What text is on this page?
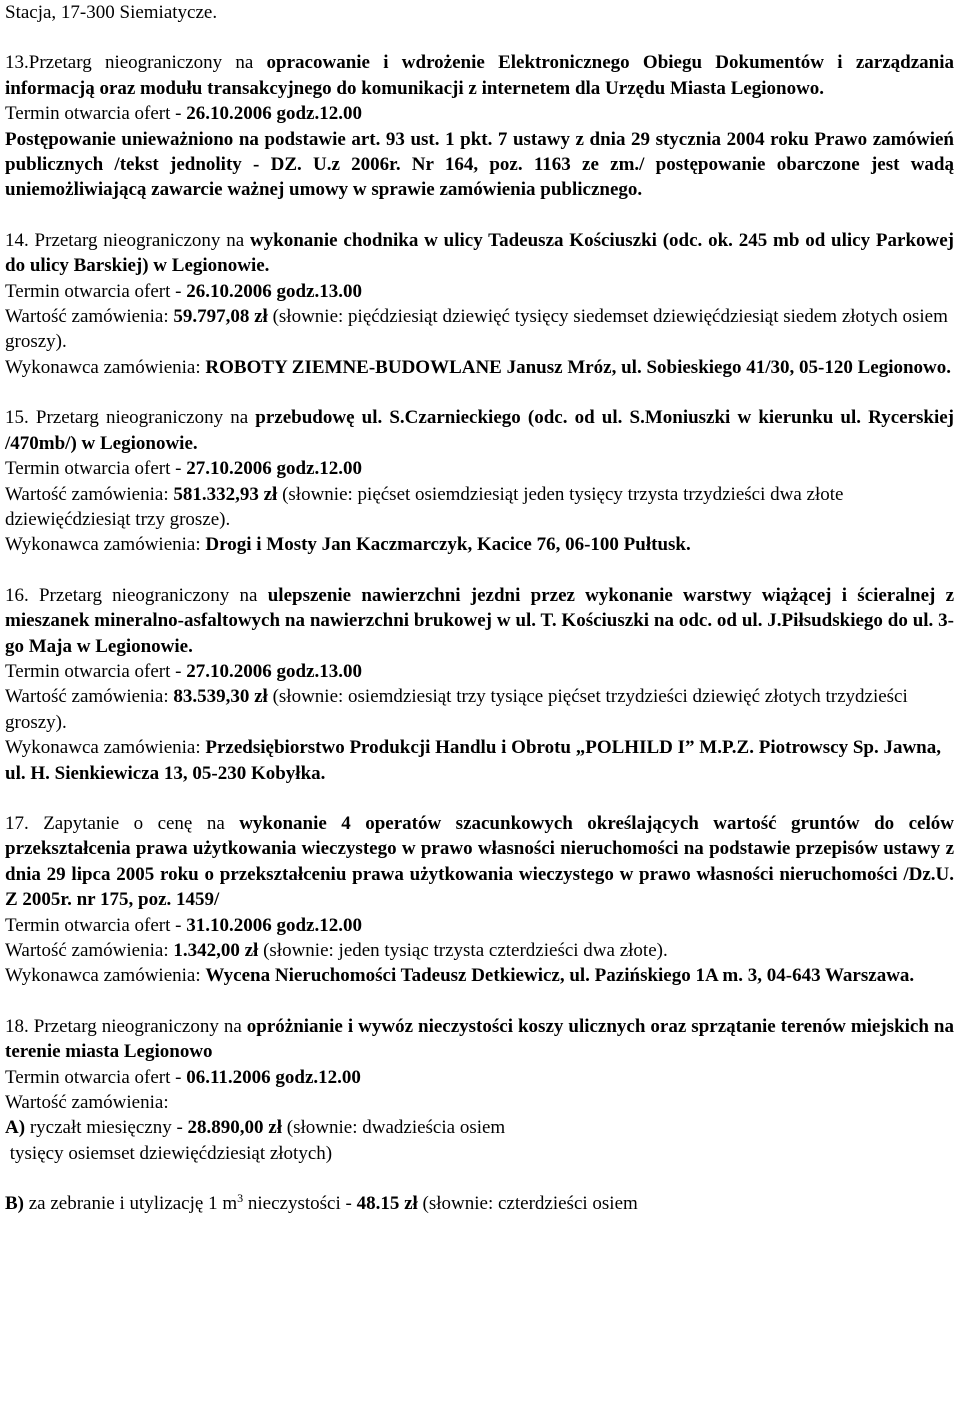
Stacja, 17-300 Siemiatycze.

13.Przetarg nieograniczony na opracowanie i wdrożenie Elektronicznego Obiegu Dokumentów i zarządzania informacją oraz modułu transakcyjnego do komunikacji z internetem dla Urzędu Miasta Legionowo.

Termin otwarcia ofert - 26.10.2006 godz.12.00

Postępowanie unieważniono na podstawie art. 93 ust. 1 pkt. 7 ustawy z dnia 29 stycznia 2004 roku Prawo zamówień publicznych /tekst jednolity - DZ. U.z 2006r. Nr 164, poz. 1163 ze zm./ postępowanie obarczone jest wadą uniemożliwiającą zawarcie ważnej umowy w sprawie zamówienia publicznego.

14. Przetarg nieograniczony na wykonanie chodnika w ulicy Tadeusza Kościuszki (odc. ok. 245 mb od ulicy Parkowej do ulicy Barskiej) w Legionowie.

Termin otwarcia ofert - 26.10.2006 godz.13.00

Wartość zamówienia: 59.797,08 zł (słownie: pięćdziesiąt dziewięć tysięcy siedemset dziewięćdziesiąt siedem złotych osiem groszy).

Wykonawca zamówienia: ROBOTY ZIEMNE-BUDOWLANE Janusz Mróz, ul. Sobieskiego 41/30, 05-120 Legionowo.

15. Przetarg nieograniczony na przebudowę ul. S.Czarnieckiego (odc. od ul. S.Moniuszki w kierunku ul. Rycerskiej /470mb/) w Legionowie.

Termin otwarcia ofert - 27.10.2006 godz.12.00

Wartość zamówienia: 581.332,93 zł (słownie: pięćset osiemdziesiąt jeden tysięcy trzysta trzydzieści dwa złote dziewięćdziesiąt trzy grosze).

Wykonawca zamówienia: Drogi i Mosty Jan Kaczmarczyk, Kacice 76, 06-100 Pułtusk.

16. Przetarg nieograniczony na ulepszenie nawierzchni jezdni przez wykonanie warstwy wiążącej i ścieralnej z mieszanek mineralno-asfaltowych na nawierzchni brukowej w ul. T. Kościuszki na odc. od ul. J.Piłsudskiego do ul. 3-go Maja w Legionowie.

Termin otwarcia ofert - 27.10.2006 godz.13.00

Wartość zamówienia: 83.539,30 zł (słownie: osiemdziesiąt trzy tysiące pięćset trzydzieści dziewięć złotych trzydzieści groszy).

Wykonawca zamówienia: Przedsiębiorstwo Produkcji Handlu i Obrotu „POLHILD I” M.P.Z. Piotrowscy Sp. Jawna, ul. H. Sienkiewicza 13, 05-230 Kobyłka.

17. Zapytanie o cenę na wykonanie 4 operatów szacunkowych określających wartość gruntów do celów przekształcenia prawa użytkowania wieczystego w prawo własności nieruchomości na podstawie przepisów ustawy z dnia 29 lipca 2005 roku o przekształceniu prawa użytkowania wieczystego w prawo własności nieruchomości /Dz.U. Z 2005r. nr 175, poz. 1459/

Termin otwarcia ofert - 31.10.2006 godz.12.00

Wartość zamówienia: 1.342,00 zł (słownie: jeden tysiąc trzysta czterdzieści dwa złote).

Wykonawca zamówienia: Wycena Nieruchomości Tadeusz Detkiewicz, ul. Pazińskiego 1A m. 3, 04-643 Warszawa.

18. Przetarg nieograniczony na opróżnianie i wywóz nieczystości koszy ulicznych oraz sprzątanie terenów miejskich na terenie miasta Legionowo

Termin otwarcia ofert - 06.11.2006 godz.12.00

Wartość zamówienia:

A) ryczałt miesięczny - 28.890,00 zł (słownie: dwadzieścia osiem

tysięcy osiemset dziewięćdziesiąt złotych)

B) za zebranie i utylizację 1 $m^3$ nieczystości - 48.15 zł (słownie: czterdzieści osiem
